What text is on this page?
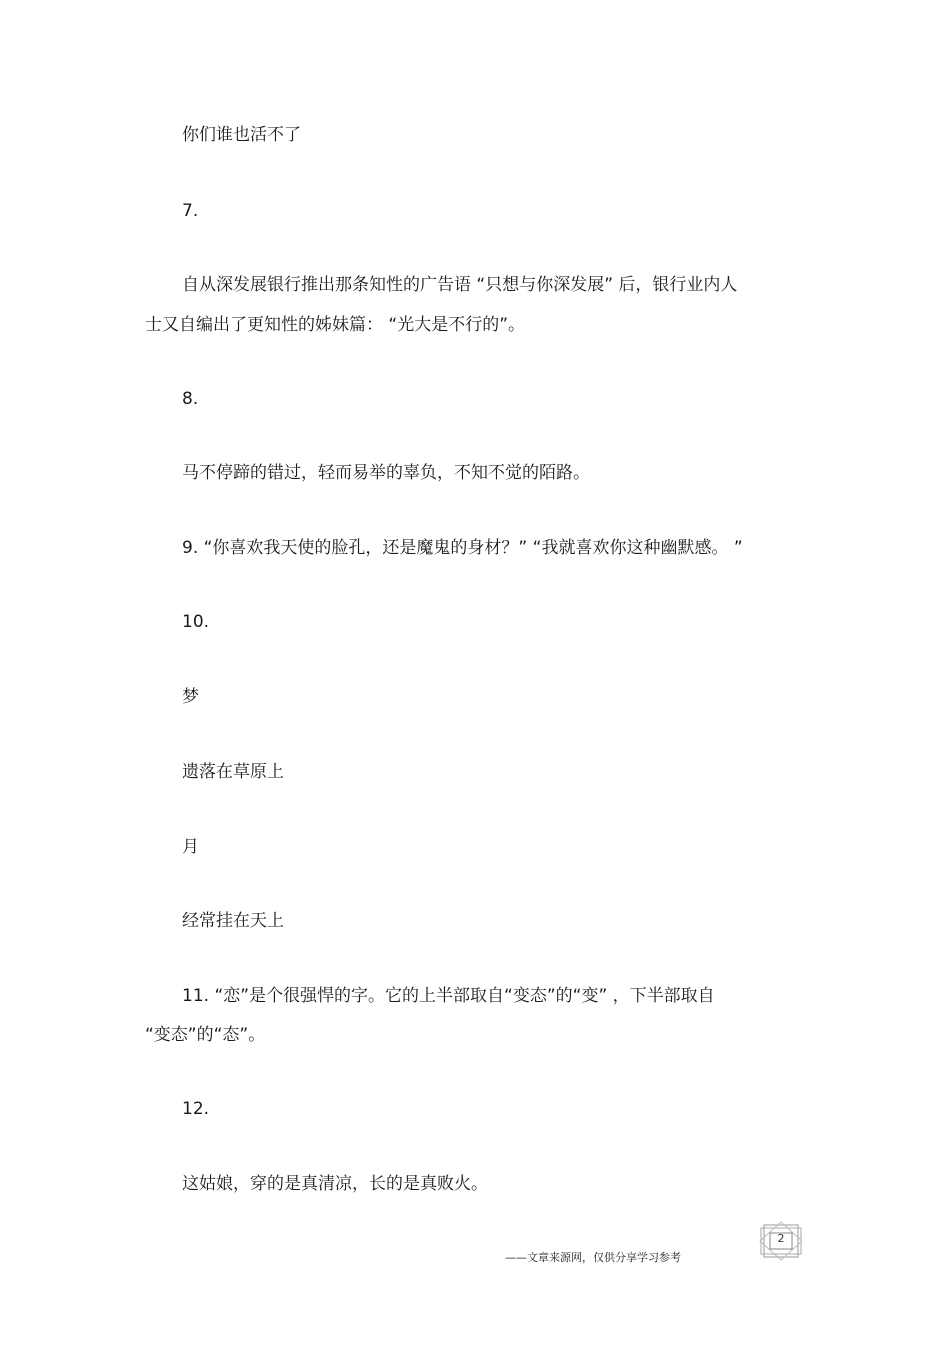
你们谁也活不了
7.
自从深发展银行推出那条知性的广告语 “只想与你深发展” 后，银行业内人
士又自编出了更知性的姊妹篇： “光大是不行的”。
8.
马不停蹄的错过，轻而易举的辜负，不知不觉的陌路。
9. “你喜欢我天使的脸孔，还是魔鬼的身材？” “我就喜欢你这种幽默感。 ”
10.
梦
遗落在草原上
月
经常挂在天上
11. “恋”是个很强悍的字。它的上半部取自“变态”的“变” ，下半部取自
“变态”的“态”。
12.
这姑娘，穿的是真清凉，长的是真败火。
——文章来源网，仅供分享学习参考
2
